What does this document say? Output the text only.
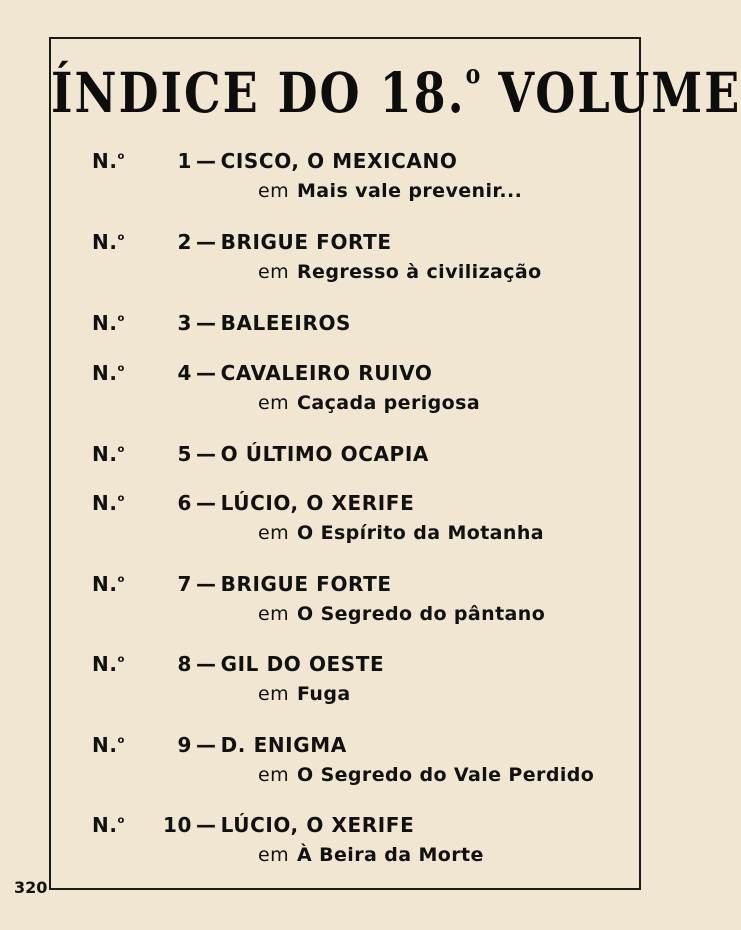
ÍNDICE DO 18.$^o$ VOLUME
N.$^o$	1 — CISCO, O MEXICANO
em Mais vale prevenir...
N.$^o$	2 — BRIGUE FORTE
em Regresso à civilização
N.$^o$	3 — BALEEIROS
N.$^o$	4 — CAVALEIRO RUIVO
em Caçada perigosa
N.$^o$	5 — O ÚLTIMO OCAPIA
N.$^o$	6 — LÚCIO, O XERIFE
em O Espírito da Motanha
N.$^o$	7 — BRIGUE FORTE
em O Segredo do pântano
N.$^o$	8 — GIL DO OESTE
em Fuga
N.$^o$	9 — D. ENIGMA
em O Segredo do Vale Perdido
N.$^o$ 10 — LÚCIO, O XERIFE
em À Beira da Morte
320
